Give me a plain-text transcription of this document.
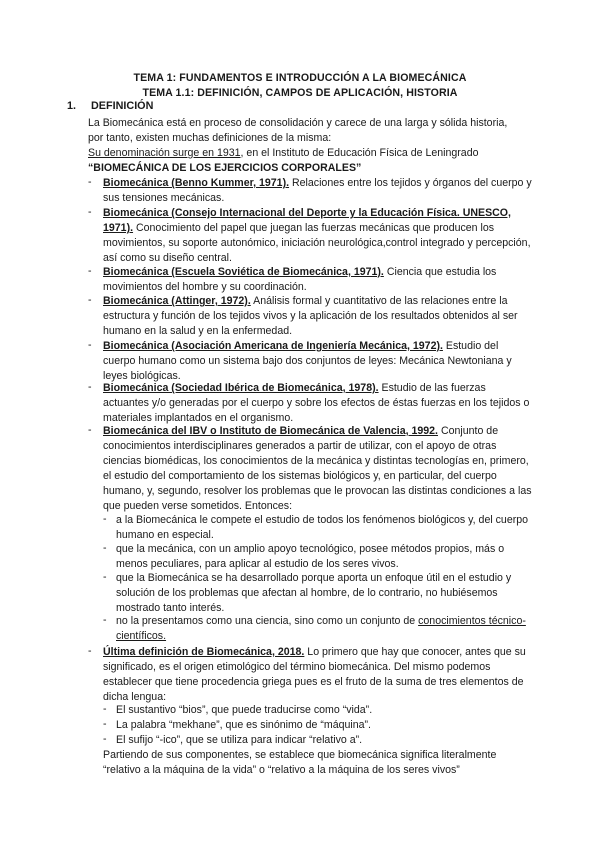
TEMA 1: FUNDAMENTOS E INTRODUCCIÓN A LA BIOMECÁNICA
TEMA 1.1: DEFINICIÓN, CAMPOS DE APLICACIÓN, HISTORIA
1. DEFINICIÓN
La Biomecánica está en proceso de consolidación y carece de una larga y sólida historia,
por tanto, existen muchas definiciones de la misma:
Su denominación surge en 1931, en el Instituto de Educación Física de Leningrado
“BIOMECÁNICA DE LOS EJERCICIOS CORPORALES”
- Biomecánica (Benno Kummer, 1971). Relaciones entre los tejidos y órganos del cuerpo y sus tensiones mecánicas.
- Biomecánica (Consejo Internacional del Deporte y la Educación Física. UNESCO, 1971). Conocimiento del papel que juegan las fuerzas mecánicas que producen los movimientos, su soporte autonómico, iniciación neurológica,control integrado y percepción, así como su diseño central.
- Biomecánica (Escuela Soviética de Biomecánica, 1971). Ciencia que estudia los movimientos del hombre y su coordinación.
- Biomecánica (Attinger, 1972). Análisis formal y cuantitativo de las relaciones entre la estructura y función de los tejidos vivos y la aplicación de los resultados obtenidos al ser humano en la salud y en la enfermedad.
- Biomecánica (Asociación Americana de Ingeniería Mecánica, 1972). Estudio del cuerpo humano como un sistema bajo dos conjuntos de leyes: Mecánica Newtoniana y leyes biológicas.
- Biomecánica (Sociedad Ibérica de Biomecánica, 1978). Estudio de las fuerzas actuantes y/o generadas por el cuerpo y sobre los efectos de éstas fuerzas en los tejidos o materiales implantados en el organismo.
- Biomecánica del IBV o Instituto de Biomecánica de Valencia, 1992. Conjunto de conocimientos interdisciplinares generados a partir de utilizar, con el apoyo de otras ciencias biomédicas, los conocimientos de la mecánica y distintas tecnologías en, primero, el estudio del comportamiento de los sistemas biológicos y, en particular, del cuerpo humano, y, segundo, resolver los problemas que le provocan las distintas condiciones a las que pueden verse sometidos. Entonces:
- a la Biomecánica le compete el estudio de todos los fenómenos biológicos y, del cuerpo humano en especial.
- que la mecánica, con un amplio apoyo tecnológico, posee métodos propios, más o menos peculiares, para aplicar al estudio de los seres vivos.
- que la Biomecánica se ha desarrollado porque aporta un enfoque útil en el estudio y solución de los problemas que afectan al hombre, de lo contrario, no hubiésemos mostrado tanto interés.
- no la presentamos como una ciencia, sino como un conjunto de conocimientos técnico-científicos.
- Última definición de Biomecánica, 2018. Lo primero que hay que conocer, antes que su significado, es el origen etimológico del término biomecánica. Del mismo podemos establecer que tiene procedencia griega pues es el fruto de la suma de tres elementos de dicha lengua:
- El sustantivo “bios”, que puede traducirse como “vida”.
- La palabra “mekhane”, que es sinónimo de “máquina”.
- El sufijo “-ico”, que se utiliza para indicar “relativo a”.
Partiendo de sus componentes, se establece que biomecánica significa literalmente
“relativo a la máquina de la vida” o “relativo a la máquina de los seres vivos”
